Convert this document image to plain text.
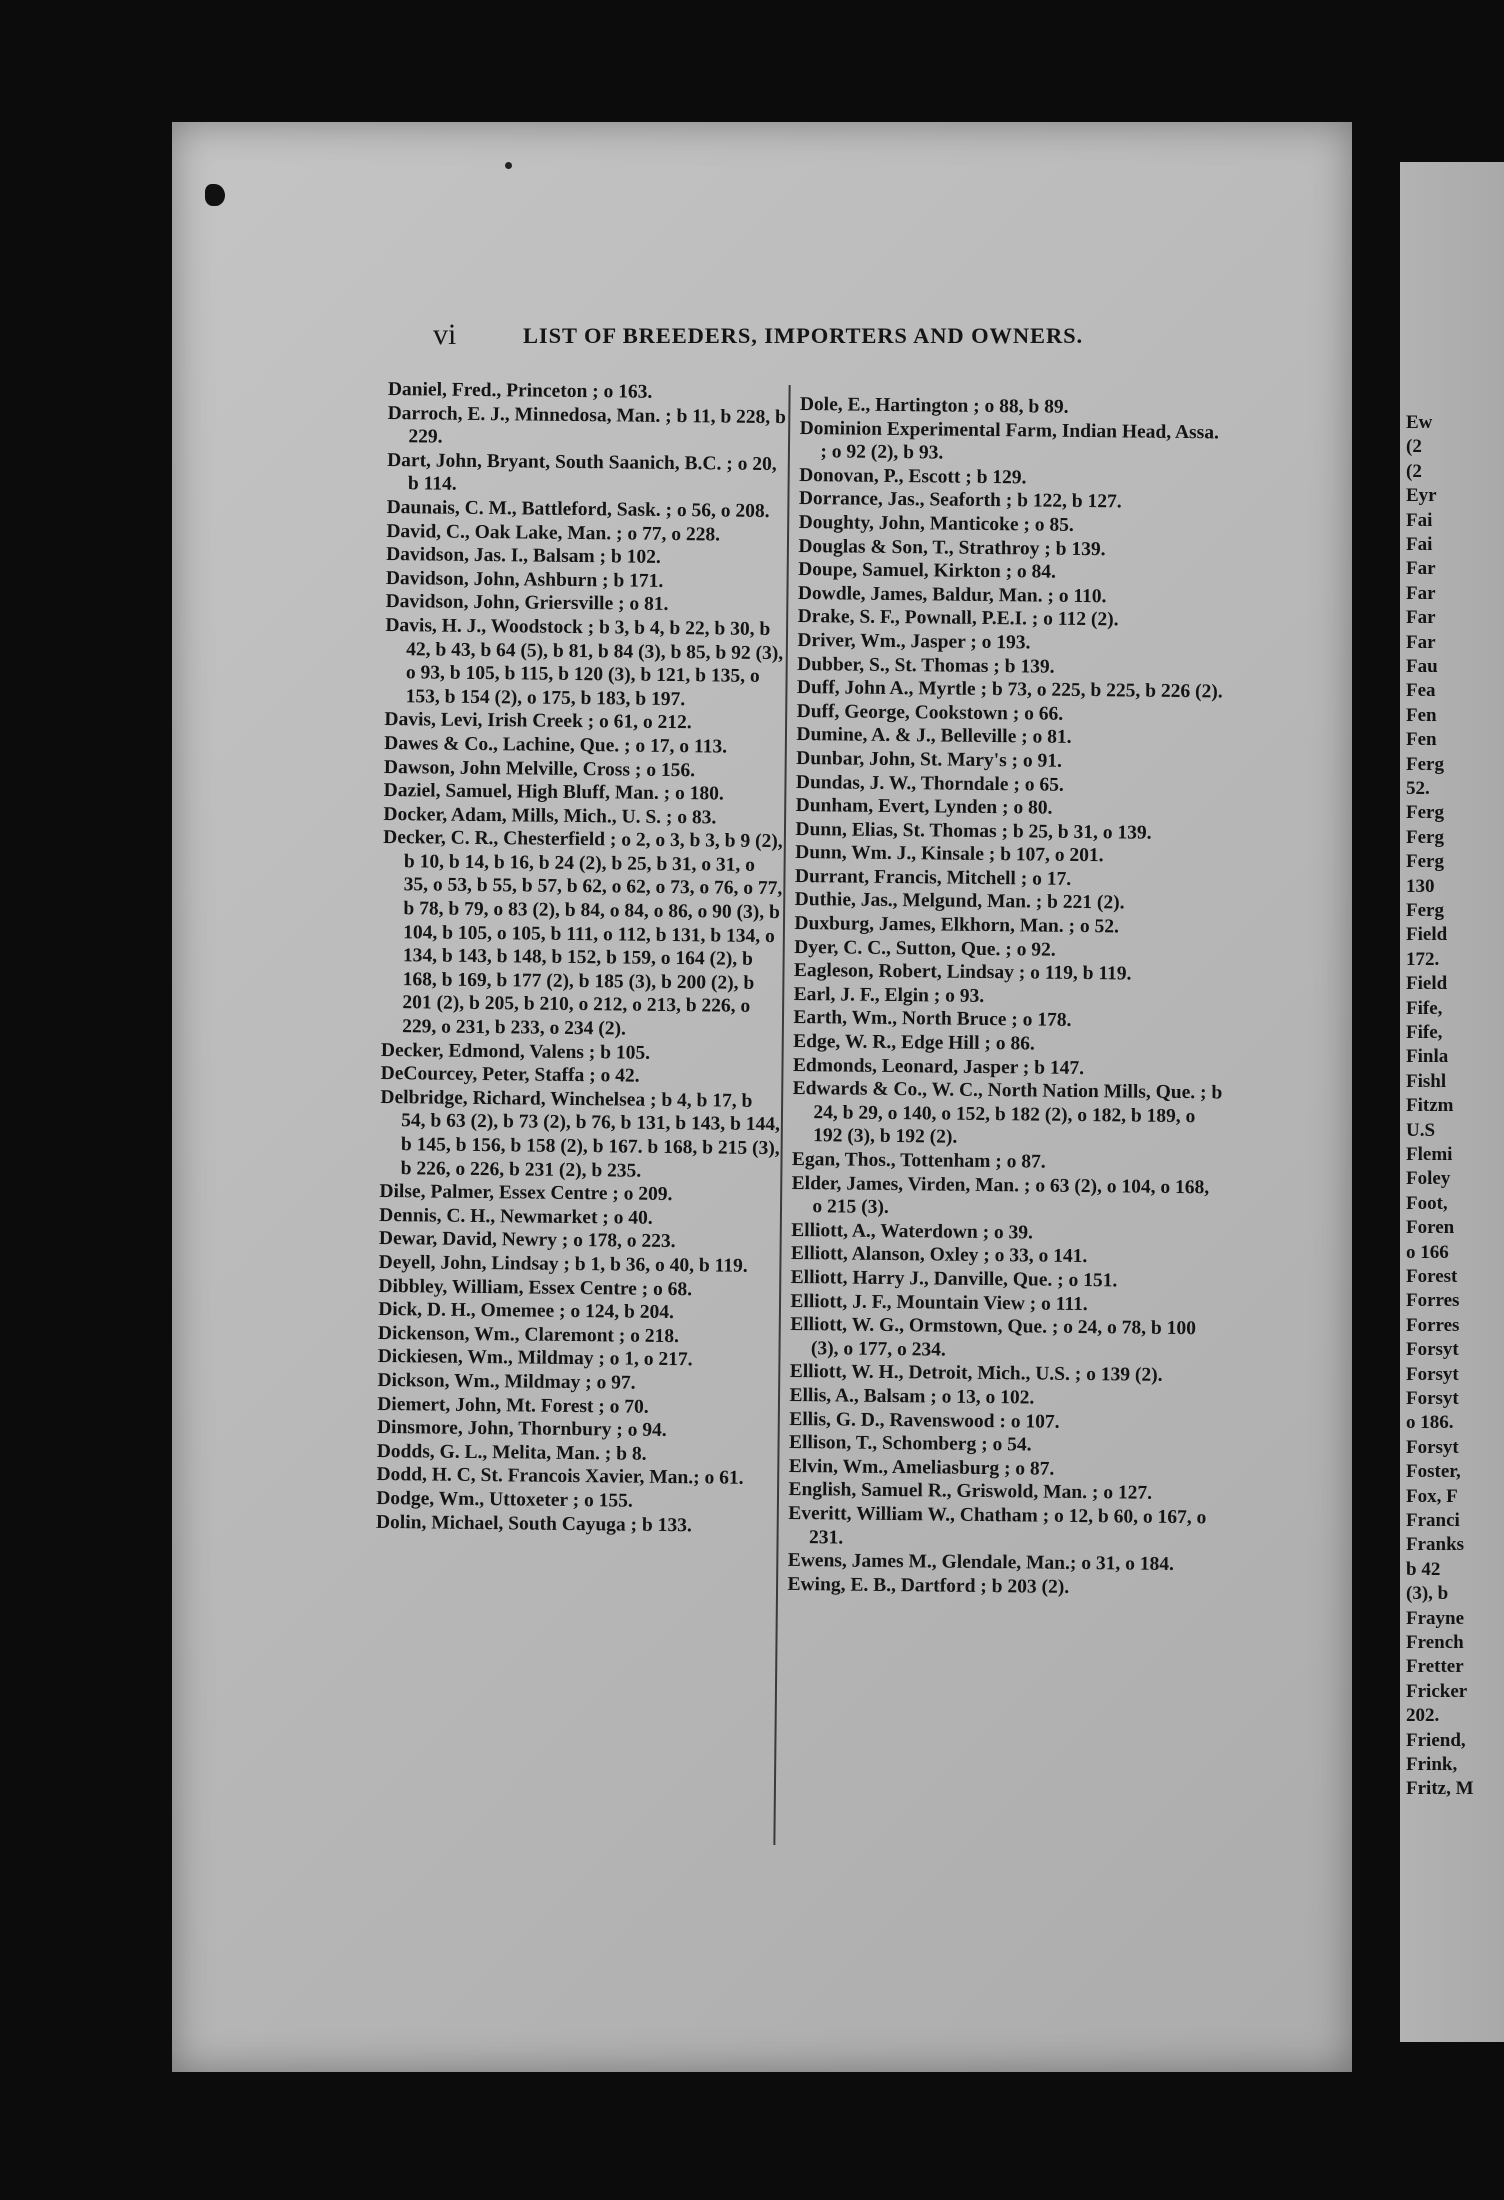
vi	LIST OF BREEDERS, IMPORTERS AND OWNERS.

Daniel, Fred., Princeton ; o 163.

Darroch, E. J., Minnedosa, Man. ; b 11, b 228, b 229.

Dart, John, Bryant, South Saanich, B.C. ; o 20, b 114.

Daunais, C. M., Battleford, Sask. ; o 56, o 208.

David, C., Oak Lake, Man. ; o 77, o 228.

Davidson, Jas. I., Balsam ; b 102.

Davidson, John, Ashburn ; b 171.

Davidson, John, Griersville ; o 81.

Davis, H. J., Woodstock ; b 3, b 4, b 22, b 30, b 42, b 43, b 64 (5), b 81, b 84 (3), b 85, b 92 (3), o 93, b 105, b 115, b 120 (3), b 121, b 135, o 153, b 154 (2), o 175, b 183, b 197.

Davis, Levi, Irish Creek ; o 61, o 212.

Dawes & Co., Lachine, Que. ; o 17, o 113.

Dawson, John Melville, Cross ; o 156.

Daziel, Samuel, High Bluff, Man. ; o 180.

Docker, Adam, Mills, Mich., U. S. ; o 83.

Decker, C. R., Chesterfield ; o 2, o 3, b 3, b 9 (2), b 10, b 14, b 16, b 24 (2), b 25, b 31, o 31, o 35, o 53, b 55, b 57, b 62, o 62, o 73, o 76, o 77, b 78, b 79, o 83 (2), b 84, o 84, o 86, o 90 (3), b 104, b 105, o 105, b 111, o 112, b 131, b 134, o 134, b 143, b 148, b 152, b 159, o 164 (2), b 168, b 169, b 177 (2), b 185 (3), b 200 (2), b 201 (2), b 205, b 210, o 212, o 213, b 226, o 229, o 231, b 233, o 234 (2).

Decker, Edmond, Valens ; b 105.

DeCourcey, Peter, Staffa ; o 42.

Delbridge, Richard, Winchelsea ; b 4, b 17, b 54, b 63 (2), b 73 (2), b 76, b 131, b 143, b 144, b 145, b 156, b 158 (2), b 167. b 168, b 215 (3), b 226, o 226, b 231 (2), b 235.

Dilse, Palmer, Essex Centre ; o 209.

Dennis, C. H., Newmarket ; o 40.

Dewar, David, Newry ; o 178, o 223.

Deyell, John, Lindsay ; b 1, b 36, o 40, b 119.

Dibbley, William, Essex Centre ; o 68.

Dick, D. H., Omemee ; o 124, b 204.

Dickenson, Wm., Claremont ; o 218.

Dickiesen, Wm., Mildmay ; o 1, o 217.

Dickson, Wm., Mildmay ; o 97.

Diemert, John, Mt. Forest ; o 70.

Dinsmore, John, Thornbury ; o 94.

Dodds, G. L., Melita, Man. ; b 8.

Dodd, H. C, St. Francois Xavier, Man.; o 61.

Dodge, Wm., Uttoxeter ; o 155.

Dolin, Michael, South Cayuga ; b 133.

Dole, E., Hartington ; o 88, b 89.

Dominion Experimental Farm, Indian Head, Assa. ; o 92 (2), b 93.

Donovan, P., Escott ; b 129.

Dorrance, Jas., Seaforth ; b 122, b 127.

Doughty, John, Manticoke ; o 85.

Douglas & Son, T., Strathroy ; b 139.

Doupe, Samuel, Kirkton ; o 84.

Dowdle, James, Baldur, Man. ; o 110.

Drake, S. F., Pownall, P.E.I. ; o 112 (2).

Driver, Wm., Jasper ; o 193.

Dubber, S., St. Thomas ; b 139.

Duff, John A., Myrtle ; b 73, o 225, b 225, b 226 (2).

Duff, George, Cookstown ; o 66.

Dumine, A. & J., Belleville ; o 81.

Dunbar, John, St. Mary's ; o 91.

Dundas, J. W., Thorndale ; o 65.

Dunham, Evert, Lynden ; o 80.

Dunn, Elias, St. Thomas ; b 25, b 31, o 139.

Dunn, Wm. J., Kinsale ; b 107, o 201.

Durrant, Francis, Mitchell ; o 17.

Duthie, Jas., Melgund, Man. ; b 221 (2).

Duxburg, James, Elkhorn, Man. ; o 52.

Dyer, C. C., Sutton, Que. ; o 92.

Eagleson, Robert, Lindsay ; o 119, b 119.

Earl, J. F., Elgin ; o 93.

Earth, Wm., North Bruce ; o 178.

Edge, W. R., Edge Hill ; o 86.

Edmonds, Leonard, Jasper ; b 147.

Edwards & Co., W. C., North Nation Mills, Que. ; b 24, b 29, o 140, o 152, b 182 (2), o 182, b 189, o 192 (3), b 192 (2).

Egan, Thos., Tottenham ; o 87.

Elder, James, Virden, Man. ; o 63 (2), o 104, o 168, o 215 (3).

Elliott, A., Waterdown ; o 39.

Elliott, Alanson, Oxley ; o 33, o 141.

Elliott, Harry J., Danville, Que. ; o 151.

Elliott, J. F., Mountain View ; o 111.

Elliott, W. G., Ormstown, Que. ; o 24, o 78, b 100 (3), o 177, o 234.

Elliott, W. H., Detroit, Mich., U.S. ; o 139 (2).

Ellis, A., Balsam ; o 13, o 102.

Ellis, G. D., Ravenswood : o 107.

Ellison, T., Schomberg ; o 54.

Elvin, Wm., Ameliasburg ; o 87.

English, Samuel R., Griswold, Man. ; o 127.

Everitt, William W., Chatham ; o 12, b 60, o 167, o 231.

Ewens, James M., Glendale, Man.; o 31, o 184.

Ewing, E. B., Dartford ; b 203 (2).

Ew
(2
(2
Eyr
Fai
Fai
Far
Far
Far
Far
Fau
Fea
Fen
Fen
Ferg
52.
Ferg
Ferg
Ferg
130
Ferg
Field
172.
Field
Fife,
Fife,
Finla
Fishl
Fitzm
U.S
Flemi
Foley
Foot,
Foren
o 166
Forest
Forres
Forres
Forsyt
Forsyt
Forsyt
o 186.
Forsyt
Foster,
Fox, F
Franci
Franks
b 42
(3), b
Frayne
French
Fretter
Fricker
202.
Friend,
Frink,
Fritz, M
